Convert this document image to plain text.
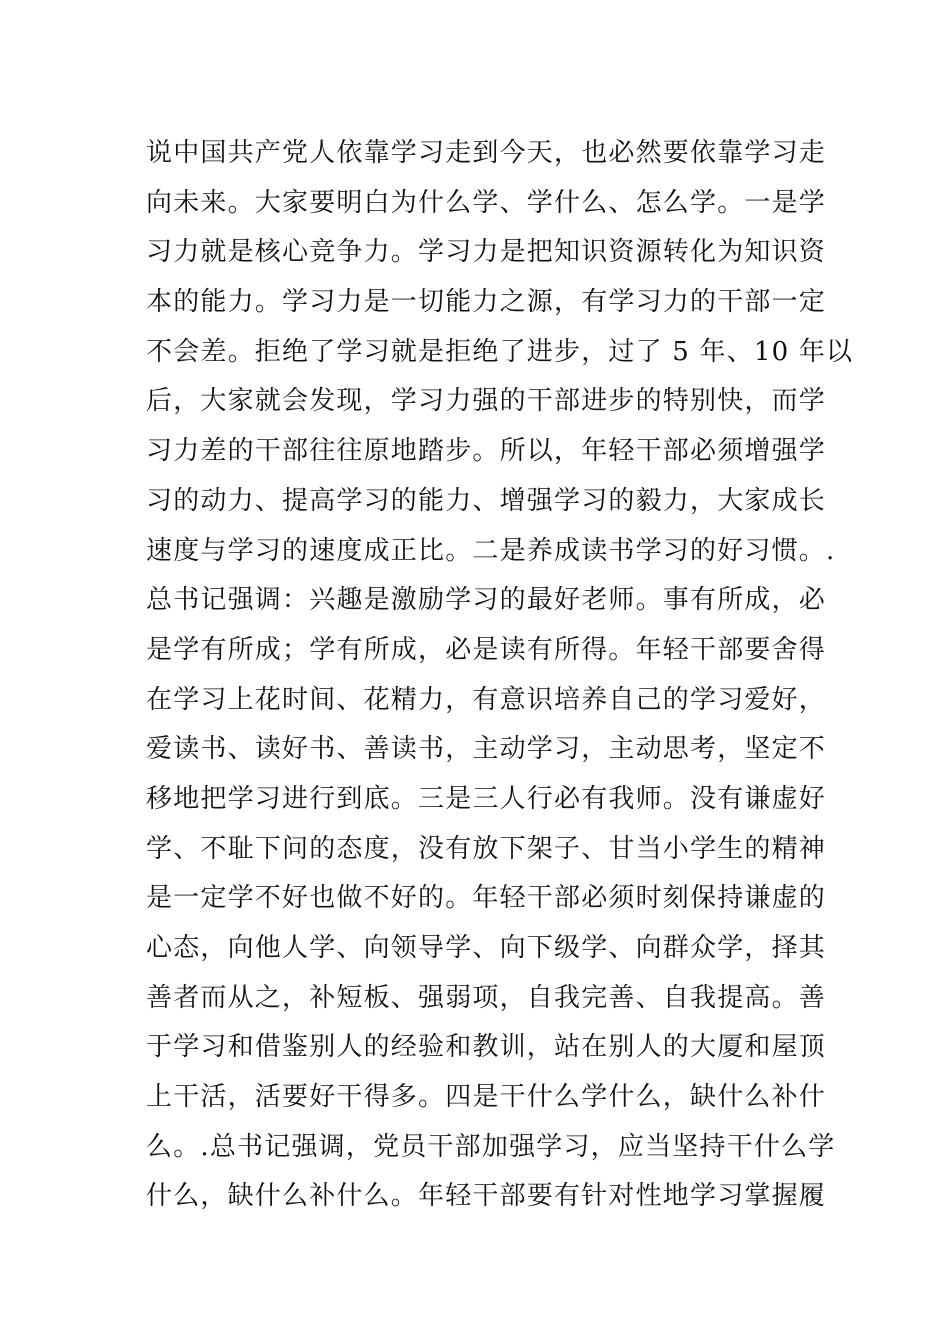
说中国共产党人依靠学习走到今天，也必然要依靠学习走
向未来。大家要明白为什么学、学什么、怎么学。一是学
习力就是核心竞争力。学习力是把知识资源转化为知识资
本的能力。学习力是一切能力之源，有学习力的干部一定
不会差。拒绝了学习就是拒绝了进步，过了 5 年、10 年以
后，大家就会发现，学习力强的干部进步的特别快，而学
习力差的干部往往原地踏步。所以，年轻干部必须增强学
习的动力、提高学习的能力、增强学习的毅力，大家成长
速度与学习的速度成正比。二是养成读书学习的好习惯。.
总书记强调：兴趣是激励学习的最好老师。事有所成，必
是学有所成；学有所成，必是读有所得。年轻干部要舍得
在学习上花时间、花精力，有意识培养自己的学习爱好，
爱读书、读好书、善读书，主动学习，主动思考，坚定不
移地把学习进行到底。三是三人行必有我师。没有谦虚好
学、不耻下问的态度，没有放下架子、甘当小学生的精神
是一定学不好也做不好的。年轻干部必须时刻保持谦虚的
心态，向他人学、向领导学、向下级学、向群众学，择其
善者而从之，补短板、强弱项，自我完善、自我提高。善
于学习和借鉴别人的经验和教训，站在别人的大厦和屋顶
上干活，活要好干得多。四是干什么学什么，缺什么补什
么。.总书记强调，党员干部加强学习，应当坚持干什么学
什么，缺什么补什么。年轻干部要有针对性地学习掌握履
